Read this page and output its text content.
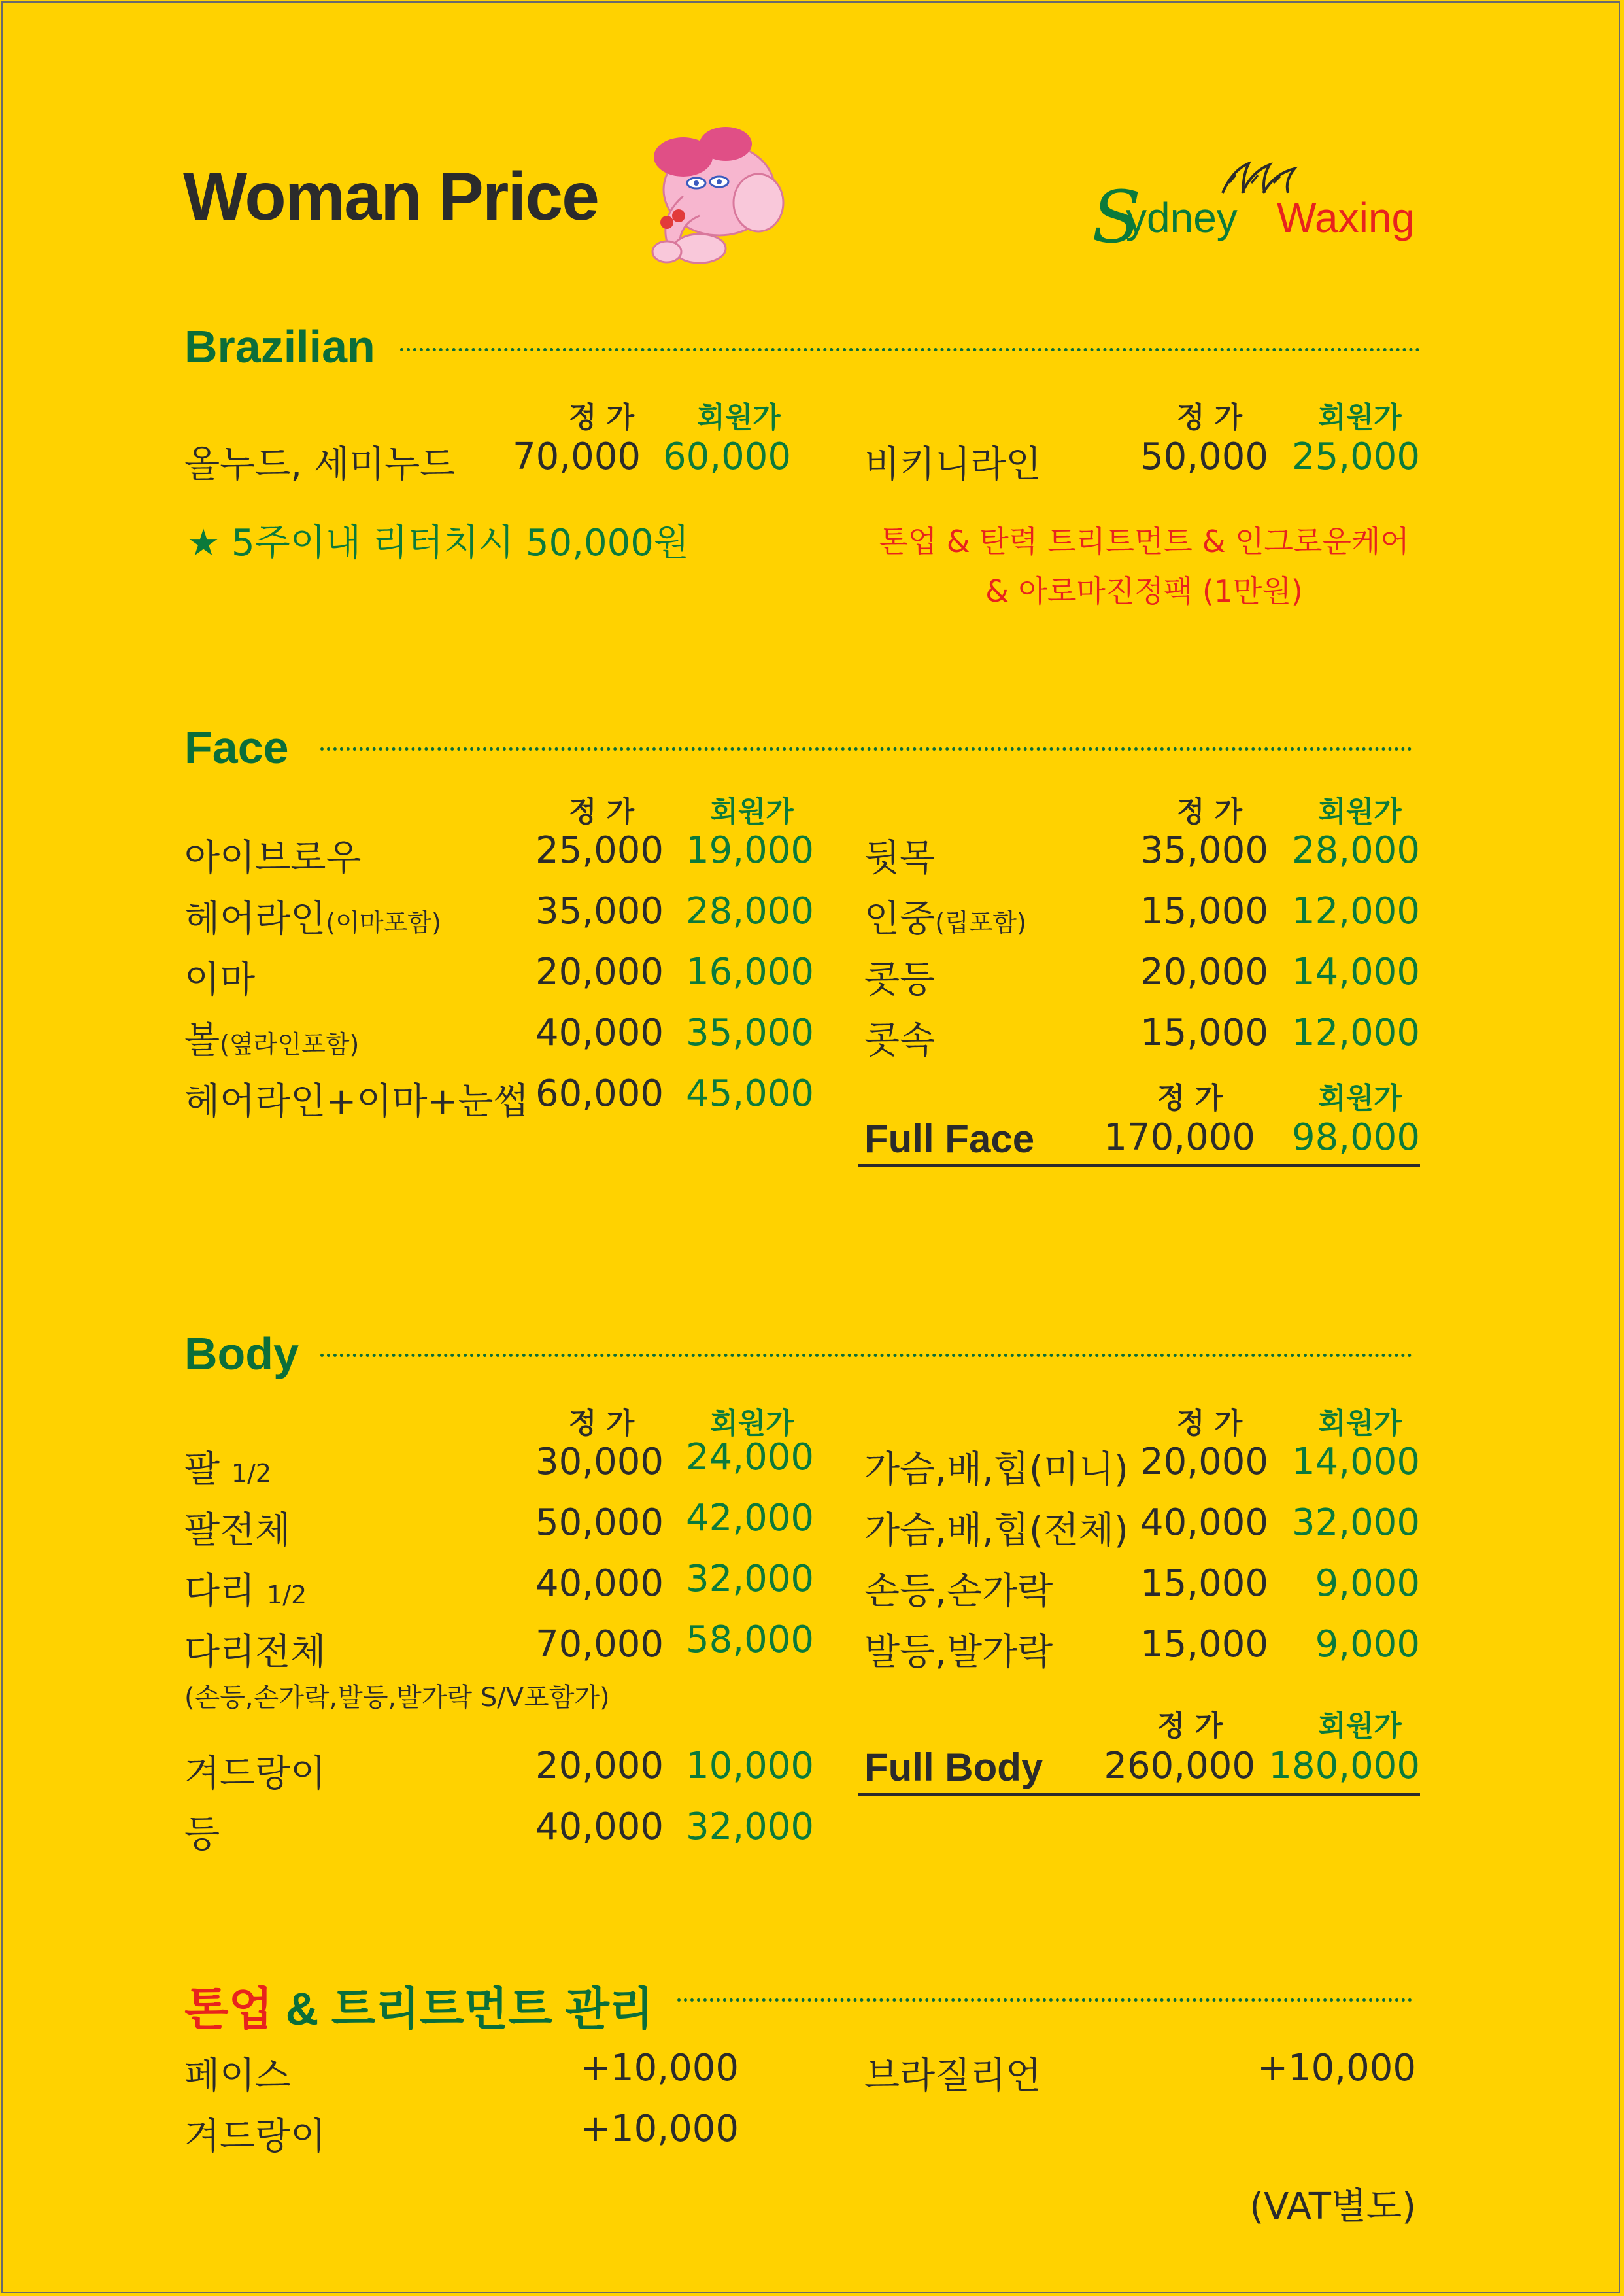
Woman Price	S
ydney Waxing
Brazilian
정 가	회원가	정 가	회원가
올누드, 세미누드	70,000 60,000 비키니라인	50,000 25,000
★ 5주이내 리터치시 50,000원	톤업 & 탄력 트리트먼트 & 인그로운케어
& 아로마진정팩 (1만원)
Face
정 가	회원가	정 가	회원가
아이브로우	25,000 19,000
헤어라인(이마포함)	35,000 28,000
이마	20,000 16,000
볼(옆라인포함)	40,000 35,000
헤어라인+이마+눈썹 60,000 45,000
뒷목	35,000 28,000
인중(립포함)	15,000 12,000
콧등	20,000 14,000
콧속	15,000 12,000
정 가	회원가
Full Face 170,000	98,000
Body
정 가	회원가	정 가	회원가
팔 1/2	30,000 24,000
팔전체	50,000 42,000
다리 1/2	40,000 32,000
다리전체	70,000 58,000
(손등,손가락,발등,발가락 S/V포함가)
겨드랑이	20,000 10,000
등	40,000 32,000
가슴,배,힙(미니) 20,000 14,000
가슴,배,힙(전체) 40,000 32,000
손등,손가락	15,000	9,000
발등,발가락	15,000	9,000
정 가	회원가
Full Body	260,000 180,000
톤업 & 트리트먼트 관리
페이스	+10,000
겨드랑이	+10,000
브라질리언	+10,000
(VAT별도)
